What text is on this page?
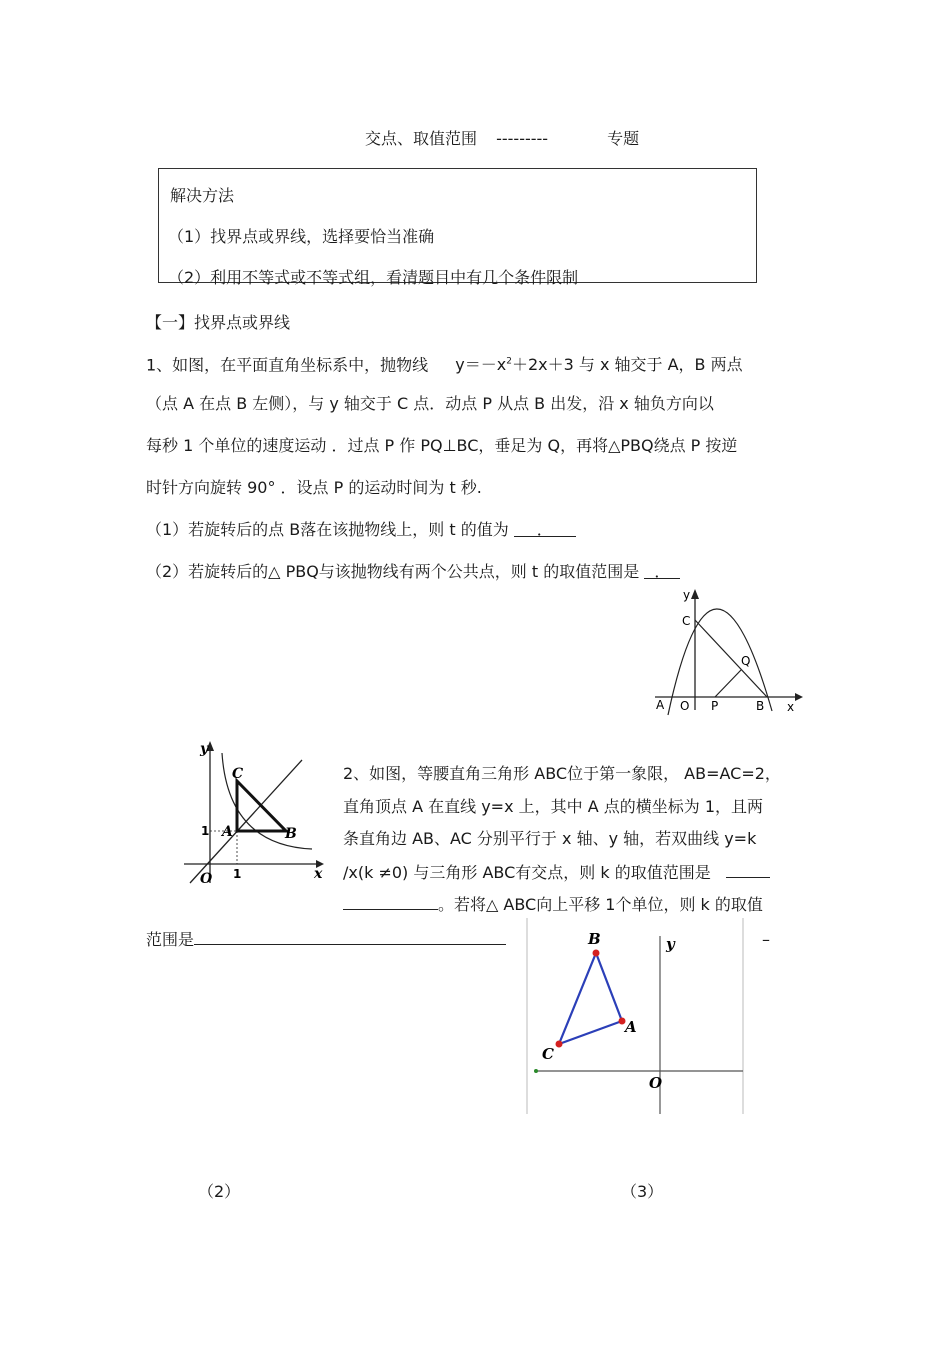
交点、取值范围 ---------	专题
解决方法
（1）找界点或界线，选择要恰当准确
（2）利用不等式或不等式组，看清题目中有几个条件限制
【一】找界点或界线
1、如图，在平面直角坐标系中，抛物线 $y=-x^2+2x+3$ 与 x 轴交于 A，B 两点
（点 A 在点 B 左侧），与 y 轴交于 C 点．动点 P 从点 B 出发，沿 x 轴负方向以
每秒 1 个单位的速度运动 ．过点 P 作 PQ⊥BC，垂足为 Q，再将△PBQ绕点 P 按逆
时针方向旋转 90° ．设点 P 的运动时间为 t 秒.
（1）若旋转后的点 B落在该抛物线上，则 t 的值为 ．
（2）若旋转后的△ PBQ与该抛物线有两个公共点，则 t 的取值范围是 ．
A O P	B x
y
C
Q
y
x
C
A	B
O 1
1
2、如图，等腰直角三角形 ABC位于第一象限， AB=AC=2，
直角顶点 A 在直线 y=x 上，其中 A 点的横坐标为 1，且两
条直角边 AB、AC 分别平行于 x 轴、y 轴，若双曲线 y=k
/x(k ≠0) 与三角形 ABC有交点，则 k 的取值范围是
。若将△ ABC向上平移 1个单位，则 k 的取值
范围是	–
B
A
C
O
y
（2）	（3）
